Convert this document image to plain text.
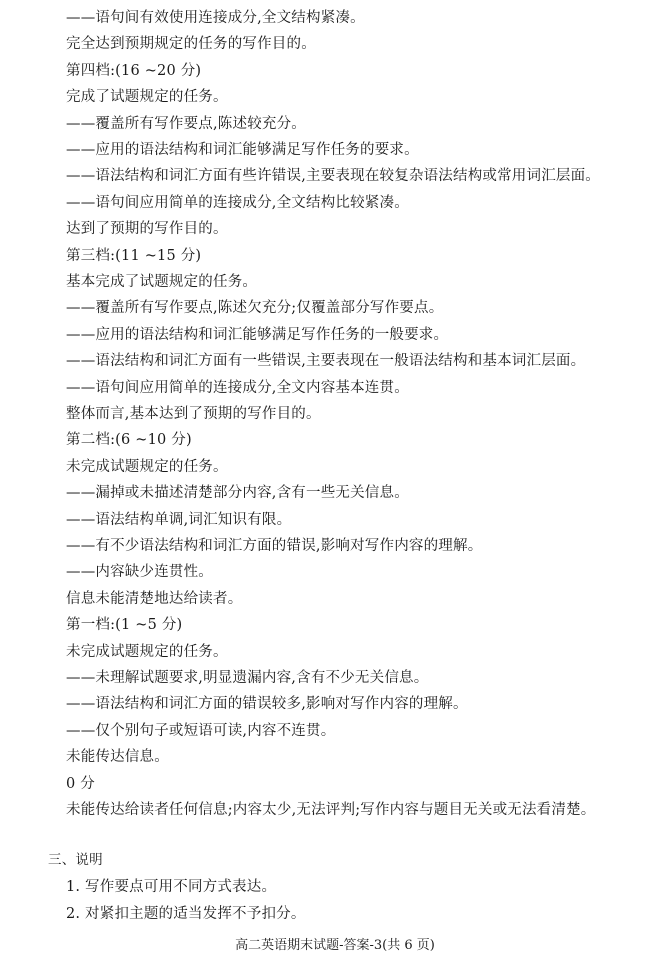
——语句间有效使用连接成分,全文结构紧凑。
完全达到预期规定的任务的写作目的。
第四档:(16 ~20 分)
完成了试题规定的任务。
——覆盖所有写作要点,陈述较充分。
——应用的语法结构和词汇能够满足写作任务的要求。
——语法结构和词汇方面有些许错误,主要表现在较复杂语法结构或常用词汇层面。
——语句间应用简单的连接成分,全文结构比较紧凑。
达到了预期的写作目的。
第三档:(11 ~15 分)
基本完成了试题规定的任务。
——覆盖所有写作要点,陈述欠充分;仅覆盖部分写作要点。
——应用的语法结构和词汇能够满足写作任务的一般要求。
——语法结构和词汇方面有一些错误,主要表现在一般语法结构和基本词汇层面。
——语句间应用简单的连接成分,全文内容基本连贯。
整体而言,基本达到了预期的写作目的。
第二档:(6 ~10 分)
未完成试题规定的任务。
——漏掉或未描述清楚部分内容,含有一些无关信息。
——语法结构单调,词汇知识有限。
——有不少语法结构和词汇方面的错误,影响对写作内容的理解。
——内容缺少连贯性。
信息未能清楚地达给读者。
第一档:(1 ~5 分)
未完成试题规定的任务。
——未理解试题要求,明显遗漏内容,含有不少无关信息。
——语法结构和词汇方面的错误较多,影响对写作内容的理解。
——仅个别句子或短语可读,内容不连贯。
未能传达信息。
0 分
未能传达给读者任何信息;内容太少,无法评判;写作内容与题目无关或无法看清楚。
三、说明
1. 写作要点可用不同方式表达。
2. 对紧扣主题的适当发挥不予扣分。
高二英语期末试题-答案-3(共 6 页)
